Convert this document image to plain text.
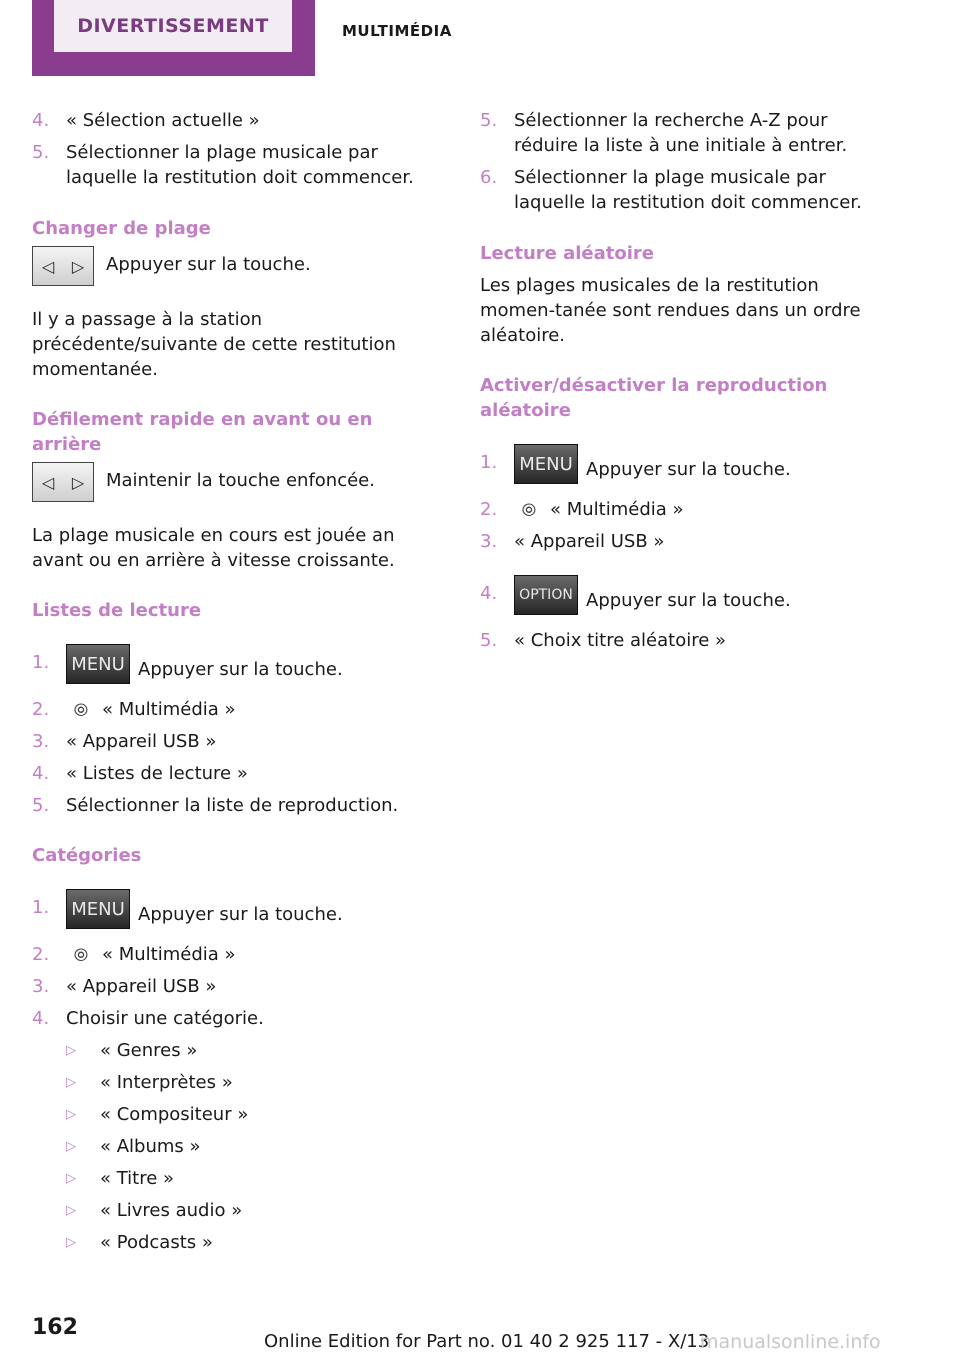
DIVERTISSEMENT	MULTIMÉDIA
4. « Sélection actuelle »
5. Sélectionner la plage musicale par laquelle la restitution doit commencer.
Changer de plage
◁ ▷ Appuyer sur la touche.
Il y a passage à la station précédente/suivante de cette restitution momentanée.
Défilement rapide en avant ou en arrière
◁ ▷ Maintenir la touche enfoncée.
La plage musicale en cours est jouée an avant ou en arrière à vitesse croissante.
Listes de lecture
1. MENU Appuyer sur la touche.
2. ⦾ « Multimédia »
3. « Appareil USB »
4. « Listes de lecture »
5. Sélectionner la liste de reproduction.
Catégories
1. MENU Appuyer sur la touche.
2. ⦾ « Multimédia »
3. « Appareil USB »
4. Choisir une catégorie.
▷ « Genres »
▷ « Interprètes »
▷ « Compositeur »
▷ « Albums »
▷ « Titre »
▷ « Livres audio »
▷ « Podcasts »
5. Sélectionner la recherche A-Z pour réduire la liste à une initiale à entrer.
6. Sélectionner la plage musicale par laquelle la restitution doit commencer.
Lecture aléatoire
Les plages musicales de la restitution momen‐tanée sont rendues dans un ordre aléatoire.
Activer/désactiver la reproduction aléatoire
1. MENU Appuyer sur la touche.
2. ⦾ « Multimédia »
3. « Appareil USB »
4. OPTION Appuyer sur la touche.
5. « Choix titre aléatoire »
162
Online Edition for Part no. 01 40 2 925 117 - X/13
manualsonline.info
